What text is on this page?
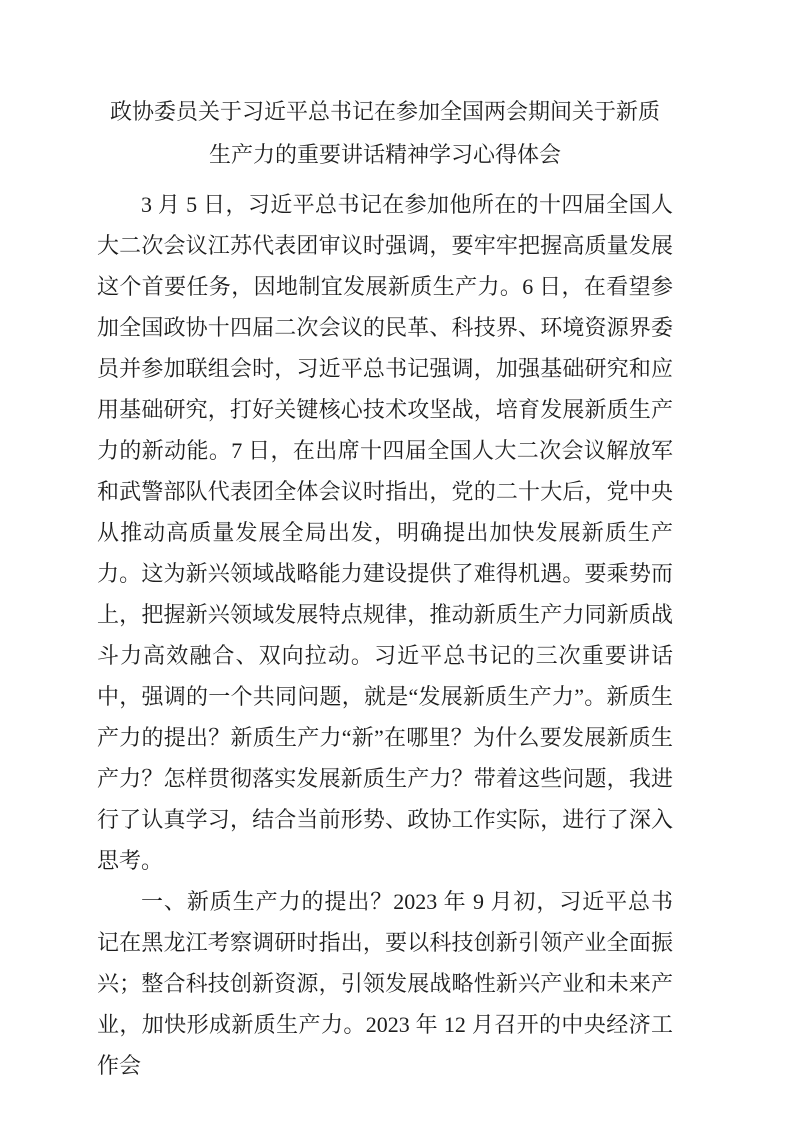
政协委员关于习近平总书记在参加全国两会期间关于新质
生产力的重要讲话精神学习心得体会

3 月 5 日，习近平总书记在参加他所在的十四届全国人大二次会议江苏代表团审议时强调，要牢牢把握高质量发展这个首要任务，因地制宜发展新质生产力。6 日，在看望参加全国政协十四届二次会议的民革、科技界、环境资源界委员并参加联组会时，习近平总书记强调，加强基础研究和应用基础研究，打好关键核心技术攻坚战，培育发展新质生产力的新动能。7 日，在出席十四届全国人大二次会议解放军和武警部队代表团全体会议时指出，党的二十大后，党中央从推动高质量发展全局出发，明确提出加快发展新质生产力。这为新兴领域战略能力建设提供了难得机遇。要乘势而上，把握新兴领域发展特点规律，推动新质生产力同新质战斗力高效融合、双向拉动。习近平总书记的三次重要讲话中，强调的一个共同问题，就是“发展新质生产力”。新质生产力的提出？新质生产力“新”在哪里？为什么要发展新质生产力？怎样贯彻落实发展新质生产力？带着这些问题，我进行了认真学习，结合当前形势、政协工作实际，进行了深入思考。

一、新质生产力的提出？2023 年 9 月初，习近平总书记在黑龙江考察调研时指出，要以科技创新引领产业全面振兴；整合科技创新资源，引领发展战略性新兴产业和未来产业，加快形成新质生产力。2023 年 12 月召开的中央经济工作会
